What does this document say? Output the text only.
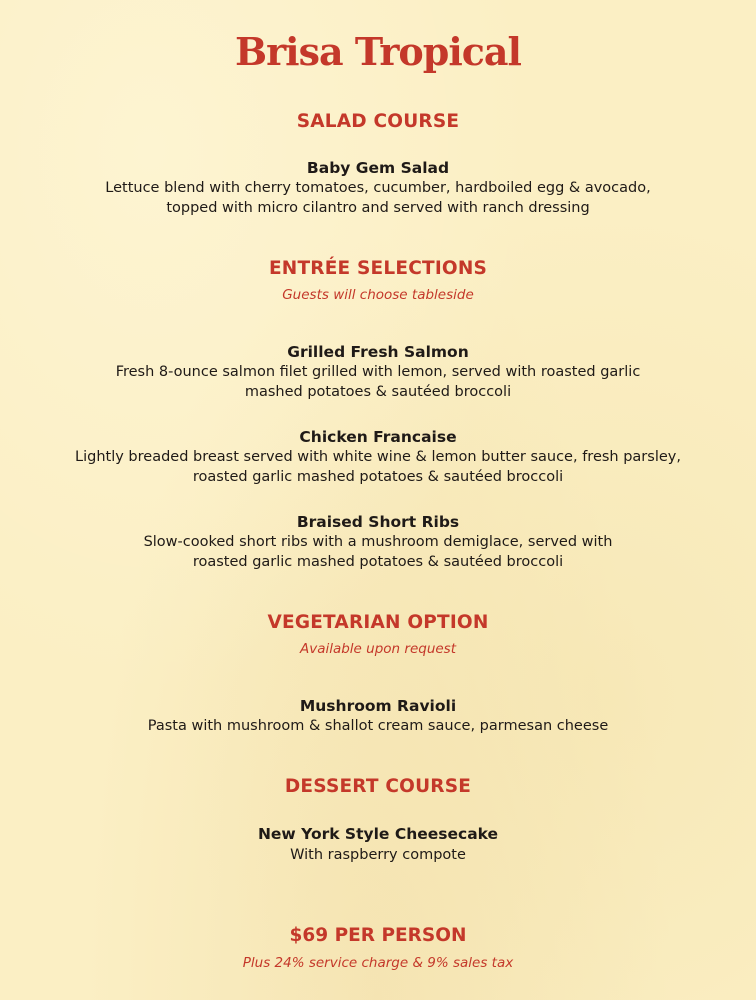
Brisa Tropical
SALAD COURSE
Baby Gem Salad
Lettuce blend with cherry tomatoes, cucumber, hardboiled egg & avocado,
topped with micro cilantro and served with ranch dressing
ENTRÉE SELECTIONS
Guests will choose tableside
Grilled Fresh Salmon
Fresh 8-ounce salmon filet grilled with lemon, served with roasted garlic
mashed potatoes & sautéed broccoli
Chicken Francaise
Lightly breaded breast served with white wine & lemon butter sauce, fresh parsley,
roasted garlic mashed potatoes & sautéed broccoli
Braised Short Ribs
Slow-cooked short ribs with a mushroom demiglace, served with
roasted garlic mashed potatoes & sautéed broccoli
VEGETARIAN OPTION
Available upon request
Mushroom Ravioli
Pasta with mushroom & shallot cream sauce, parmesan cheese
DESSERT COURSE
New York Style Cheesecake
With raspberry compote
$69 PER PERSON
Plus 24% service charge & 9% sales tax
